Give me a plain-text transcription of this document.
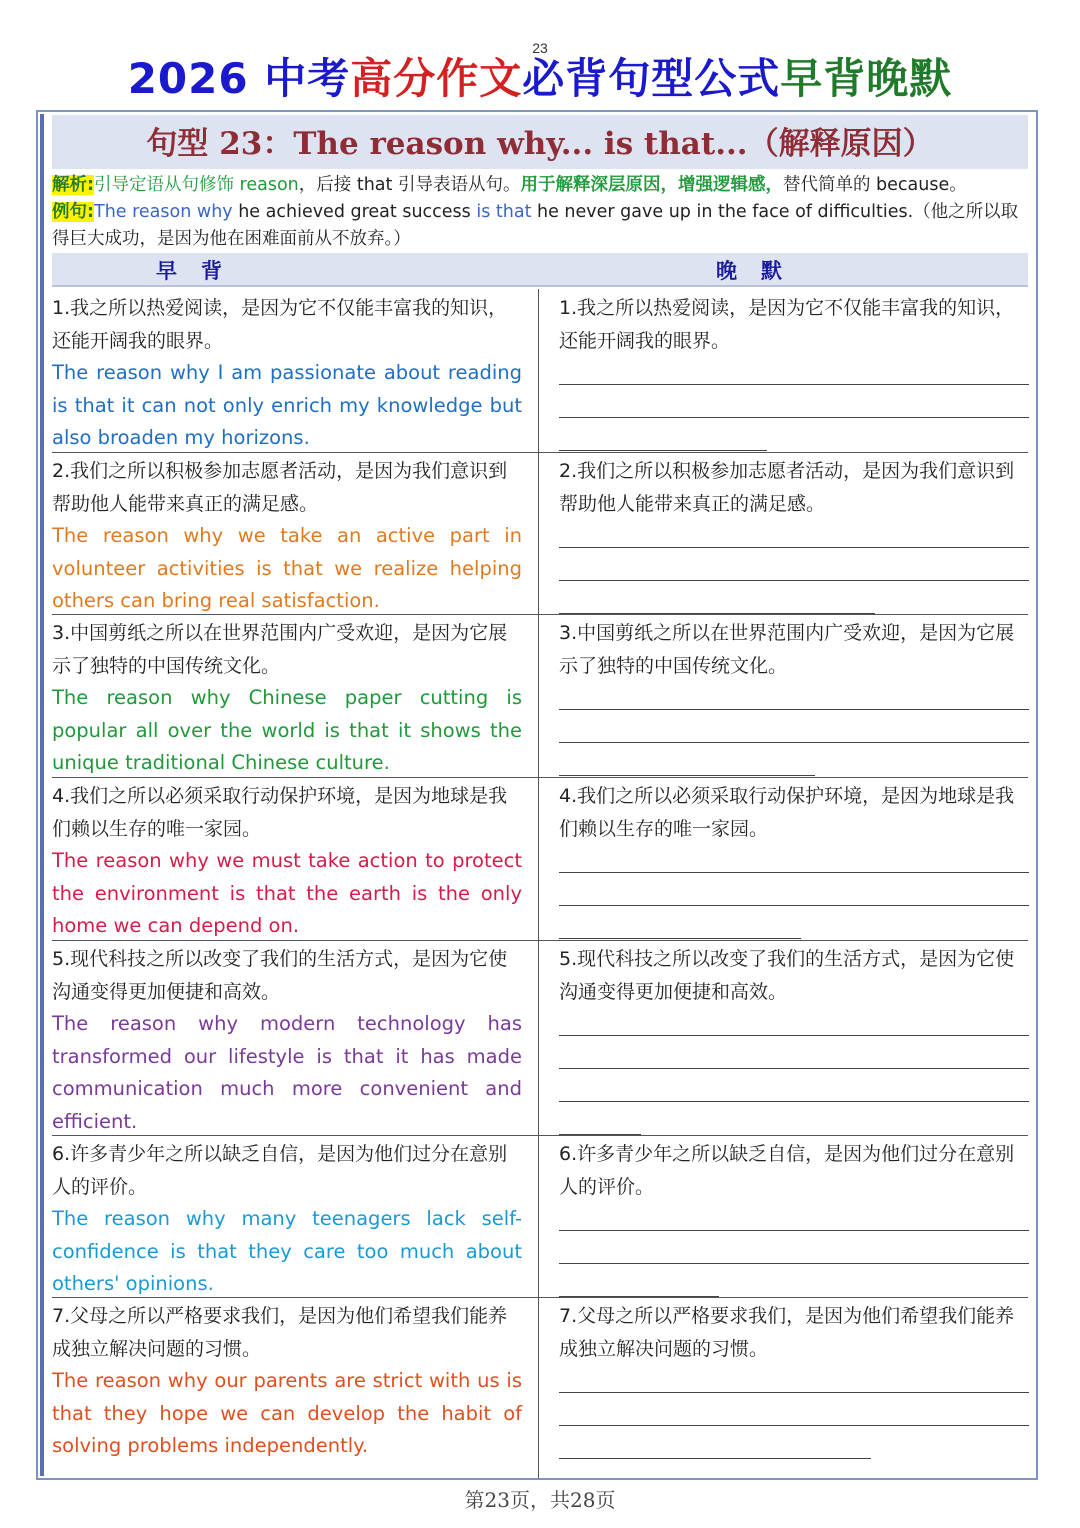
23
2026 中考高分作文必背句型公式早背晚默
句型 23：The reason why... is that...（解释原因）
解析:引导定语从句修饰 reason，后接 that 引导表语从句。用于解释深层原因，增强逻辑感，替代简单的 because。
例句:The reason why he achieved great success is that he never gave up in the face of difficulties.（他之所以取得巨大成功，是因为他在困难面前从不放弃。）
早背	晚默

1.我之所以热爱阅读，是因为它不仅能丰富我的知识，还能开阔我的眼界。

The reason why I am passionate about reading is that it can not only enrich my knowledge but also broaden my horizons.

1.我之所以热爱阅读，是因为它不仅能丰富我的知识，还能开阔我的眼界。

2.我们之所以积极参加志愿者活动，是因为我们意识到帮助他人能带来真正的满足感。

The reason why we take an active part in volunteer activities is that we realize helping others can bring real satisfaction.

2.我们之所以积极参加志愿者活动，是因为我们意识到帮助他人能带来真正的满足感。

3.中国剪纸之所以在世界范围内广受欢迎，是因为它展示了独特的中国传统文化。

The reason why Chinese paper cutting is popular all over the world is that it shows the unique traditional Chinese culture.

3.中国剪纸之所以在世界范围内广受欢迎，是因为它展示了独特的中国传统文化。

4.我们之所以必须采取行动保护环境，是因为地球是我们赖以生存的唯一家园。

The reason why we must take action to protect the environment is that the earth is the only home we can depend on.

4.我们之所以必须采取行动保护环境，是因为地球是我们赖以生存的唯一家园。

5.现代科技之所以改变了我们的生活方式，是因为它使沟通变得更加便捷和高效。

The reason why modern technology has transformed our lifestyle is that it has made communication much more convenient and efficient.

5.现代科技之所以改变了我们的生活方式，是因为它使沟通变得更加便捷和高效。

6.许多青少年之所以缺乏自信，是因为他们过分在意别人的评价。

The reason why many teenagers lack self-confidence is that they care too much about others' opinions.

6.许多青少年之所以缺乏自信，是因为他们过分在意别人的评价。

7.父母之所以严格要求我们，是因为他们希望我们能养成独立解决问题的习惯。

The reason why our parents are strict with us is that they hope we can develop the habit of solving problems independently.

7.父母之所以严格要求我们，是因为他们希望我们能养成独立解决问题的习惯。

第23页，共28页
